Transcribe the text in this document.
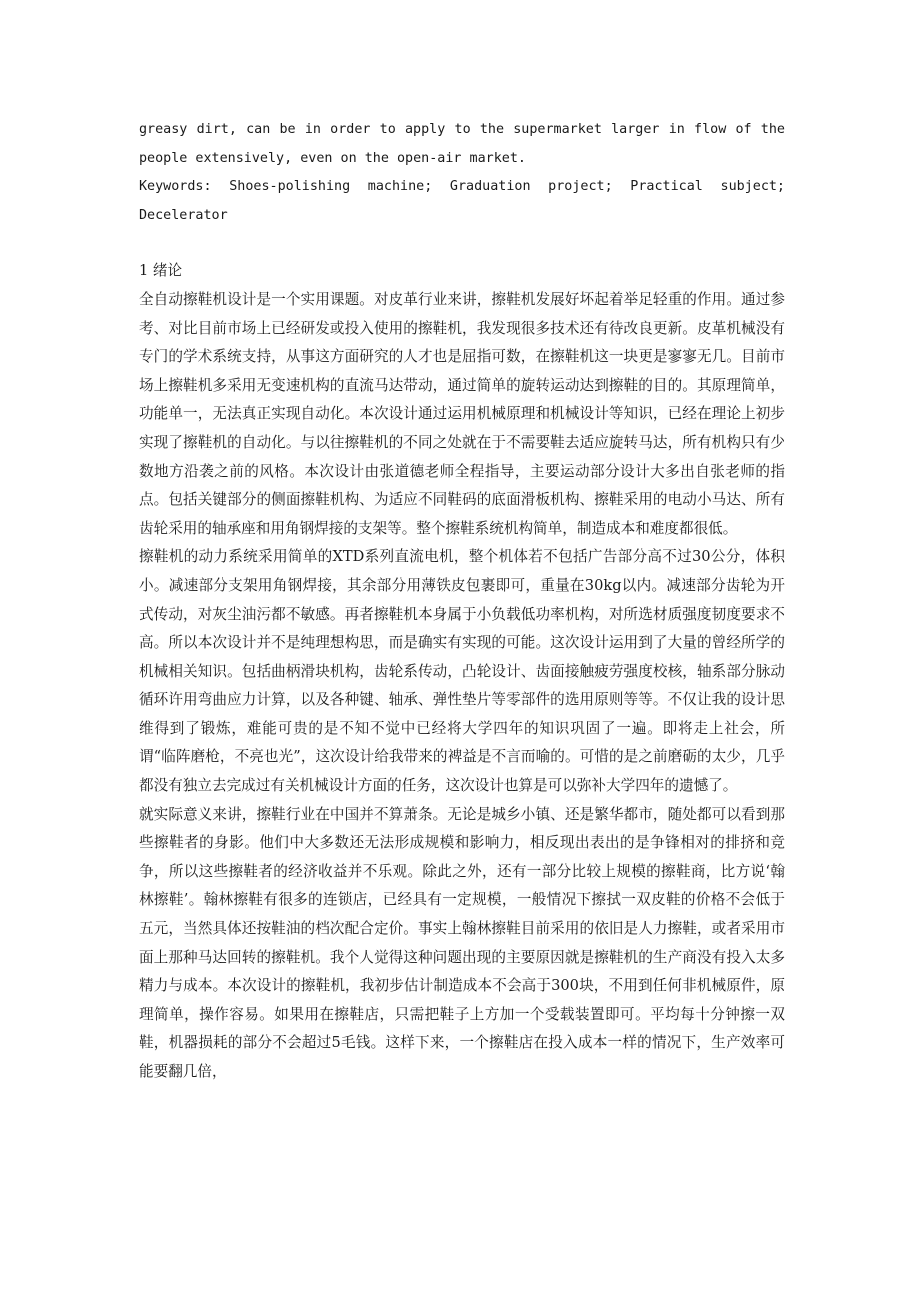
greasy dirt, can be in order to apply to the supermarket larger in flow of the people extensively, even on the open-air market.

Keywords: Shoes-polishing machine; Graduation project; Practical subject; Decelerator

1 绪论

全自动擦鞋机设计是一个实用课题。对皮革行业来讲，擦鞋机发展好坏起着举足轻重的作用。通过参考、对比目前市场上已经研发或投入使用的擦鞋机，我发现很多技术还有待改良更新。皮革机械没有专门的学术系统支持，从事这方面研究的人才也是屈指可数，在擦鞋机这一块更是寥寥无几。目前市场上擦鞋机多采用无变速机构的直流马达带动，通过简单的旋转运动达到擦鞋的目的。其原理简单，功能单一，无法真正实现自动化。本次设计通过运用机械原理和机械设计等知识，已经在理论上初步实现了擦鞋机的自动化。与以往擦鞋机的不同之处就在于不需要鞋去适应旋转马达，所有机构只有少数地方沿袭之前的风格。本次设计由张道德老师全程指导，主要运动部分设计大多出自张老师的指点。包括关键部分的侧面擦鞋机构、为适应不同鞋码的底面滑板机构、擦鞋采用的电动小马达、所有齿轮采用的轴承座和用角钢焊接的支架等。整个擦鞋系统机构简单，制造成本和难度都很低。

擦鞋机的动力系统采用简单的XTD系列直流电机，整个机体若不包括广告部分高不过30公分，体积小。减速部分支架用角钢焊接，其余部分用薄铁皮包裹即可，重量在30kg以内。减速部分齿轮为开式传动，对灰尘油污都不敏感。再者擦鞋机本身属于小负载低功率机构，对所选材质强度韧度要求不高。所以本次设计并不是纯理想构思，而是确实有实现的可能。这次设计运用到了大量的曾经所学的机械相关知识。包括曲柄滑块机构，齿轮系传动，凸轮设计、齿面接触疲劳强度校核，轴系部分脉动循环许用弯曲应力计算，以及各种键、轴承、弹性垫片等零部件的选用原则等等。不仅让我的设计思维得到了锻炼，难能可贵的是不知不觉中已经将大学四年的知识巩固了一遍。即将走上社会，所谓“临阵磨枪，不亮也光”，这次设计给我带来的裨益是不言而喻的。可惜的是之前磨砺的太少，几乎都没有独立去完成过有关机械设计方面的任务，这次设计也算是可以弥补大学四年的遗憾了。

就实际意义来讲，擦鞋行业在中国并不算萧条。无论是城乡小镇、还是繁华都市，随处都可以看到那些擦鞋者的身影。他们中大多数还无法形成规模和影响力，相反现出表出的是争锋相对的排挤和竞争，所以这些擦鞋者的经济收益并不乐观。除此之外，还有一部分比较上规模的擦鞋商，比方说‘翰林擦鞋’。翰林擦鞋有很多的连锁店，已经具有一定规模，一般情况下擦拭一双皮鞋的价格不会低于五元，当然具体还按鞋油的档次配合定价。事实上翰林擦鞋目前采用的依旧是人力擦鞋，或者采用市面上那种马达回转的擦鞋机。我个人觉得这种问题出现的主要原因就是擦鞋机的生产商没有投入太多精力与成本。本次设计的擦鞋机，我初步估计制造成本不会高于300块，不用到任何非机械原件，原理简单，操作容易。如果用在擦鞋店，只需把鞋子上方加一个受载装置即可。平均每十分钟擦一双鞋，机器损耗的部分不会超过5毛钱。这样下来，一个擦鞋店在投入成本一样的情况下，生产效率可能要翻几倍，
